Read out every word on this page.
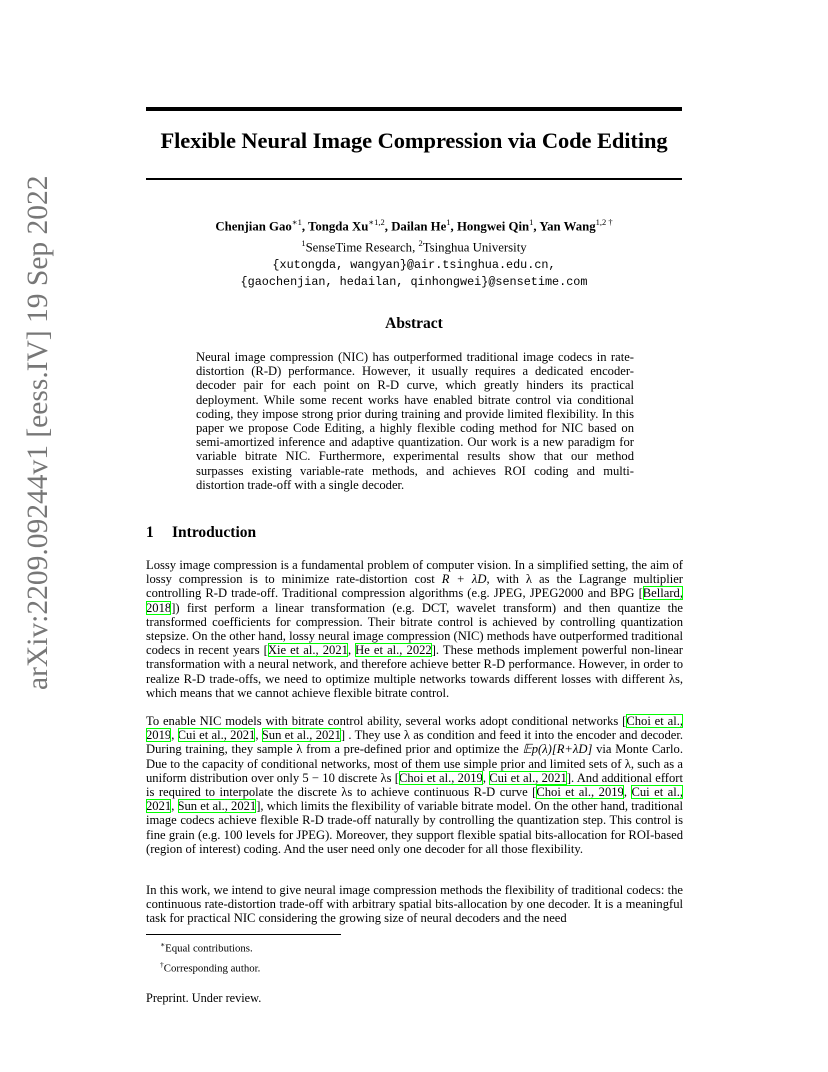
Flexible Neural Image Compression via Code Editing
arXiv:2209.09244v1 [eess.IV] 19 Sep 2022	Chenjian Gao$^{∗1}$, Tongda $Xu^{∗1,2}$, Dailan He$^1$, Hongwei Qin$^1$, Yan Wang$^{1,2 \dagger}$
$^1$SenseTime Research, $^2$Tsinghua University
{xutongda, wangyan}@air.tsinghua.edu.cn,
{gaochenjian, hedailan, qinhongwei}@sensetime.com
Abstract

Neural image compression (NIC) has outperformed traditional image codecs in rate-distortion (R-D) performance. However, it usually requires a dedicated encoder-decoder pair for each point on R-D curve, which greatly hinders its practical deployment. While some recent works have enabled bitrate control via conditional coding, they impose strong prior during training and provide limited flexibility. In this paper we propose Code Editing, a highly flexible coding method for NIC based on semi-amortized inference and adaptive quantization. Our work is a new paradigm for variable bitrate NIC. Furthermore, experimental results show that our method surpasses existing variable-rate methods, and achieves ROI coding and multi-distortion trade-off with a single decoder.

1 Introduction

Lossy image compression is a fundamental problem of computer vision. In a simplified setting, the aim of lossy compression is to minimize rate-distortion cost R + λD, with λ as the Lagrange multiplier controlling R-D trade-off. Traditional compression algorithms (e.g. JPEG, JPEG2000 and BPG [Bellard, 2018]) first perform a linear transformation (e.g. DCT, wavelet transform) and then quantize the transformed coefficients for compression. Their bitrate control is achieved by controlling quantization stepsize. On the other hand, lossy neural image compression (NIC) methods have outperformed traditional codecs in recent years [Xie et al., 2021, He et al., 2022]. These methods implement powerful non-linear transformation with a neural network, and therefore achieve better R-D performance. However, in order to realize R-D trade-offs, we need to optimize multiple networks towards different losses with different λs, which means that we cannot achieve flexible bitrate control.

To enable NIC models with bitrate control ability, several works adopt conditional networks [Choi et al., 2019, Cui et al., 2021, Sun et al., 2021] . They use λ as condition and feed it into the encoder and decoder. During training, they sample λ from a pre-defined prior and optimize the 𝔼p(λ)[R+λD] via Monte Carlo. Due to the capacity of conditional networks, most of them use simple prior and limited sets of λ, such as a uniform distribution over only 5 − 10 discrete λs [Choi et al., 2019, Cui et al., 2021]. And additional effort is required to interpolate the discrete λs to achieve continuous R-D curve [Choi et al., 2019, Cui et al., 2021, Sun et al., 2021], which limits the flexibility of variable bitrate model. On the other hand, traditional image codecs achieve flexible R-D trade-off naturally by controlling the quantization step. This control is fine grain (e.g. 100 levels for JPEG). Moreover, they support flexible spatial bits-allocation for ROI-based (region of interest) coding. And the user need only one decoder for all those flexibility.

In this work, we intend to give neural image compression methods the flexibility of traditional codecs: the continuous rate-distortion trade-off with arbitrary spatial bits-allocation by one decoder. It is a meaningful task for practical NIC considering the growing size of neural decoders and the need

∗Equal contributions.
†Corresponding author.
Preprint. Under review.
